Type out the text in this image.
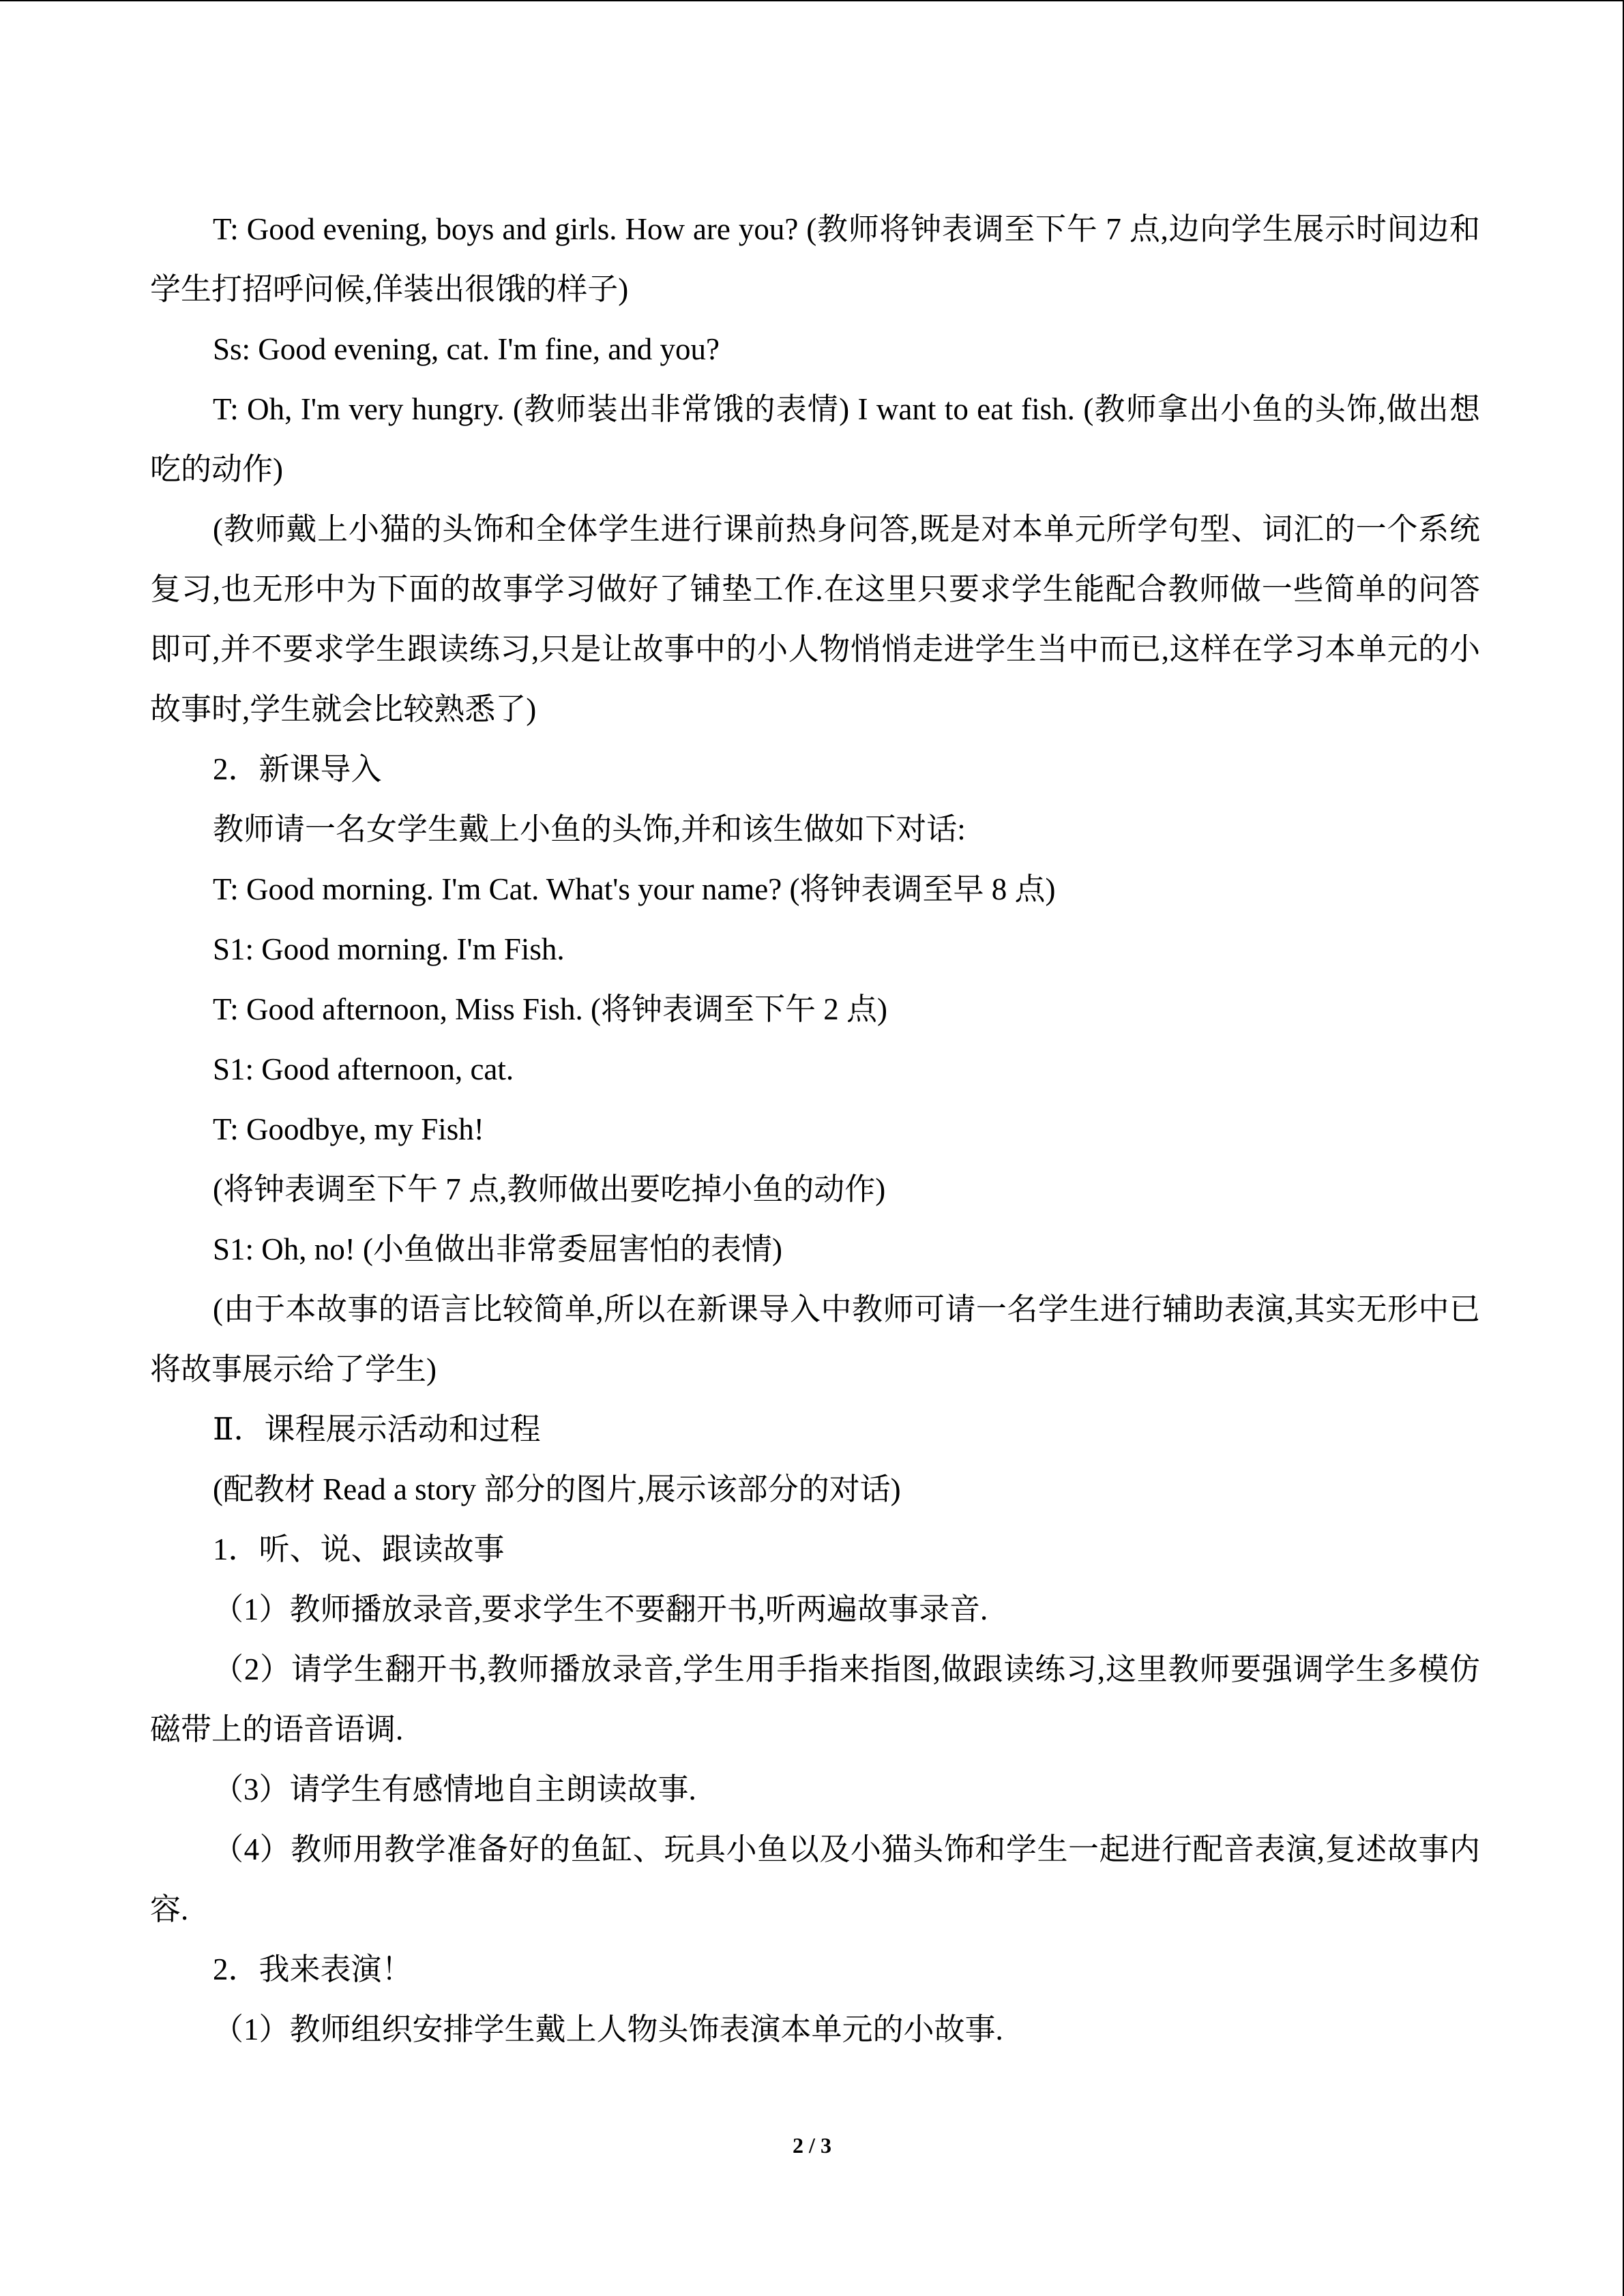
T: Good evening, boys and girls. How are you? (教师将钟表调至下午 7 点,边向学生展示时间边和学生打招呼问候,佯装出很饿的样子)

Ss: Good evening, cat. I'm fine, and you?

T: Oh, I'm very hungry. (教师装出非常饿的表情) I want to eat fish. (教师拿出小鱼的头饰,做出想吃的动作)

(教师戴上小猫的头饰和全体学生进行课前热身问答,既是对本单元所学句型、词汇的一个系统复习,也无形中为下面的故事学习做好了铺垫工作.在这里只要求学生能配合教师做一些简单的问答即可,并不要求学生跟读练习,只是让故事中的小人物悄悄走进学生当中而已,这样在学习本单元的小故事时,学生就会比较熟悉了)

2．新课导入

教师请一名女学生戴上小鱼的头饰,并和该生做如下对话:

T: Good morning. I'm Cat. What's your name? (将钟表调至早 8 点)

S1: Good morning. I'm Fish.

T: Good afternoon, Miss Fish. (将钟表调至下午 2 点)

S1: Good afternoon, cat.

T: Goodbye, my Fish!

(将钟表调至下午 7 点,教师做出要吃掉小鱼的动作)

S1: Oh, no! (小鱼做出非常委屈害怕的表情)

(由于本故事的语言比较简单,所以在新课导入中教师可请一名学生进行辅助表演,其实无形中已将故事展示给了学生)

Ⅱ．课程展示活动和过程

(配教材 Read a story 部分的图片,展示该部分的对话)

1．听、说、跟读故事

（1）教师播放录音,要求学生不要翻开书,听两遍故事录音.

（2）请学生翻开书,教师播放录音,学生用手指来指图,做跟读练习,这里教师要强调学生多模仿磁带上的语音语调.

（3）请学生有感情地自主朗读故事.

（4）教师用教学准备好的鱼缸、玩具小鱼以及小猫头饰和学生一起进行配音表演,复述故事内容.

2．我来表演！

（1）教师组织安排学生戴上人物头饰表演本单元的小故事.

2 / 3
